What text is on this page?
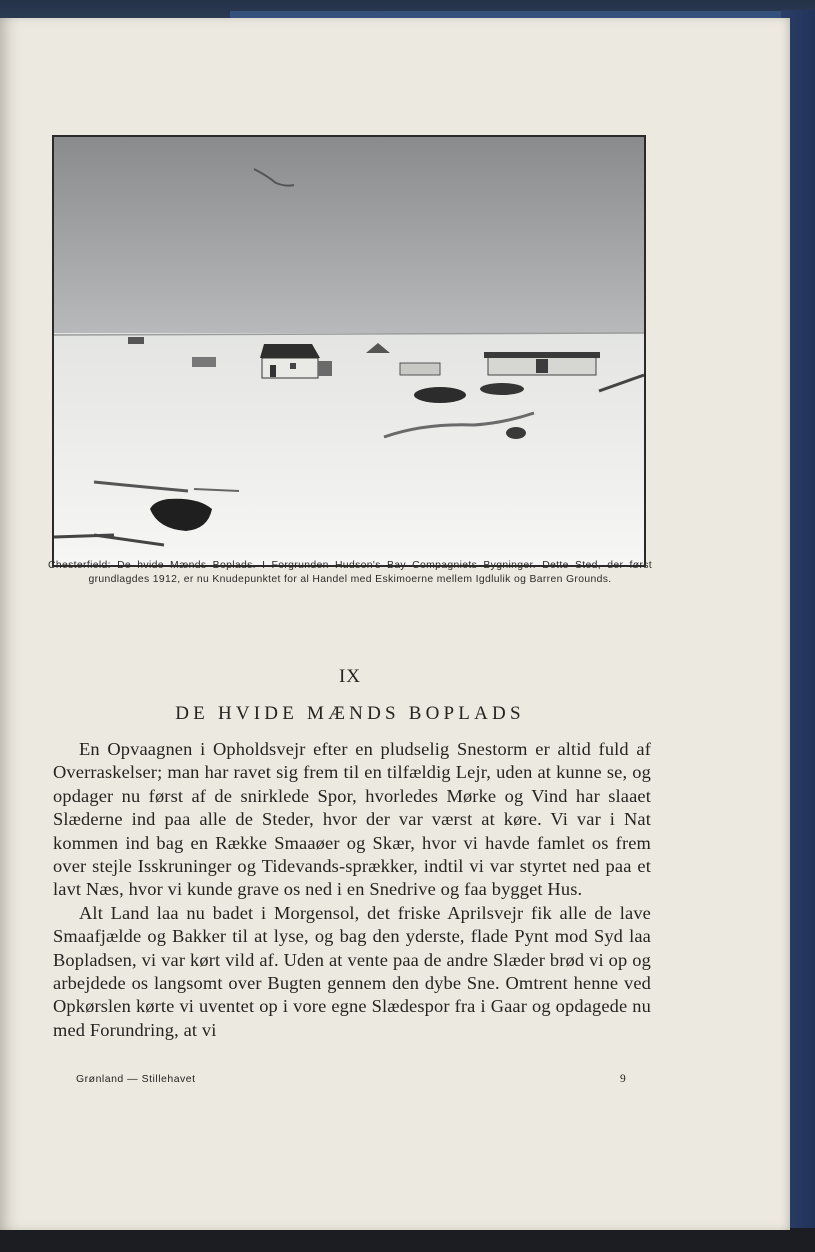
Chesterfield: De hvide Mænds Boplads. I Forgrunden Hudson's Bay Compagniets Bygninger. Dette Sted, der først grundlagdes 1912, er nu Knudepunktet for al Handel med Eskimoerne mellem Igdlulik og Barren Grounds.
IX
DE HVIDE MÆNDS BOPLADS

En Opvaagnen i Opholdsvejr efter en pludselig Snestorm er altid fuld af Overraskelser; man har ravet sig frem til en tilfældig Lejr, uden at kunne se, og opdager nu først af de snirklede Spor, hvorledes Mørke og Vind har slaaet Slæderne ind paa alle de Steder, hvor der var værst at køre. Vi var i Nat kommen ind bag en Række Smaaøer og Skær, hvor vi havde famlet os frem over stejle Isskruninger og Tidevands-sprækker, indtil vi var styrtet ned paa et lavt Næs, hvor vi kunde grave os ned i en Snedrive og faa bygget Hus.

Alt Land laa nu badet i Morgensol, det friske Aprilsvejr fik alle de lave Smaafjælde og Bakker til at lyse, og bag den yderste, flade Pynt mod Syd laa Bopladsen, vi var kørt vild af. Uden at vente paa de andre Slæder brød vi op og arbejdede os langsomt over Bugten gennem den dybe Sne. Omtrent henne ved Opkørslen kørte vi uventet op i vore egne Slædespor fra i Gaar og opdagede nu med Forundring, at vi

Grønland — Stillehavet	9
